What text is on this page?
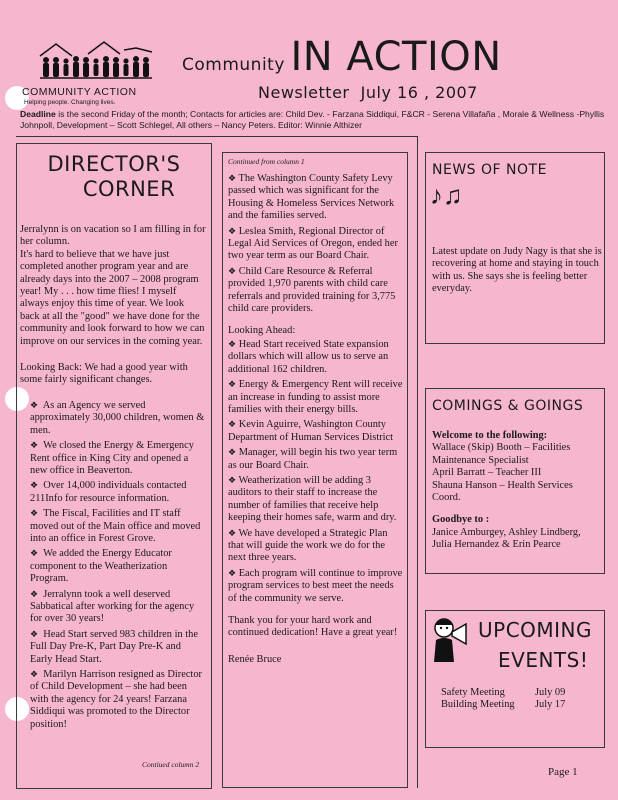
COMMUNITY ACTION
Helping people. Changing lives.
Community IN ACTION
Newsletter  July 16 , 2007
Deadline is the second Friday of the month; Contacts for articles are: Child Dev. - Farzana Siddiqui, F&CR - Serena Villafaña , Morale & Wellness -Phyllis Johnpoll, Development – Scott Schlegel, All others – Nancy Peters. Editor: Winnie Althizer
DIRECTOR'S
CORNER

Jerralynn is on vacation so I am filling in for her column.

It's hard to believe that we have just completed another program year and are already days into the 2007 – 2008 program year! My . . . how time flies! I myself always enjoy this time of year. We look back at all the "good" we have done for the community and look forward to how we can improve on our services in the coming year.

Looking Back: We had a good year with some fairly significant changes.

❖ As an Agency we served approximately 30,000 children, women & men.
❖ We closed the Energy & Emergency Rent office in King City and opened a new office in Beaverton.
❖ Over 14,000 individuals contacted 211Info for resource information.
❖ The Fiscal, Facilities and IT staff moved out of the Main office and moved into an office in Forest Grove.
❖ We added the Energy Educator component to the Weatherization Program.
❖ Jerralynn took a well deserved Sabbatical after working for the agency for over 30 years!
❖ Head Start served 983 children in the Full Day Pre-K, Part Day Pre-K and Early Head Start.
❖ Marilyn Harrison resigned as Director of Child Development – she had been with the agency for 24 years! Farzana Siddiqui was promoted to the Director position!
Contiued column 2
Continued from column 1
❖ The Washington County Safety Levy passed which was significant for the Housing & Homeless Services Network and the families served.
❖ Leslea Smith, Regional Director of Legal Aid Services of Oregon, ended her two year term as our Board Chair.
❖ Child Care Resource & Referral provided 1,970 parents with child care referrals and provided training for 3,775 child care providers.

Looking Ahead:

❖ Head Start received State expansion dollars which will allow us to serve an additional 162 children.
❖ Energy & Emergency Rent will receive an increase in funding to assist more families with their energy bills.
❖ Kevin Aguirre, Washington County Department of Human Services District
❖ Manager, will begin his two year term as our Board Chair.
❖ Weatherization will be adding 3 auditors to their staff to increase the number of families that receive help keeping their homes safe, warm and dry.
❖ We have developed a Strategic Plan that will guide the work we do for the next three years.
❖ Each program will continue to improve program services to best meet the needs of the community we serve.

Thank you for your hard work and continued dedication! Have a great year!

Renée Bruce

NEWS OF NOTE
♪♫
Latest update on Judy Nagy is that she is recovering at home and staying in touch with us. She says she is feeling better everyday.
COMINGS & GOINGS

Welcome to the following:

Wallace (Skip) Booth – Facilities Maintenance Specialist

April Barratt – Teacher III

Shauna Hanson – Health Services Coord.

Goodbye to :

Janice Amburgey, Ashley Lindberg, Julia Hernandez & Erin Pearce

UPCOMING
EVENTS!
Safety Meeting	July 09
Building Meeting	July 17
Page 1
